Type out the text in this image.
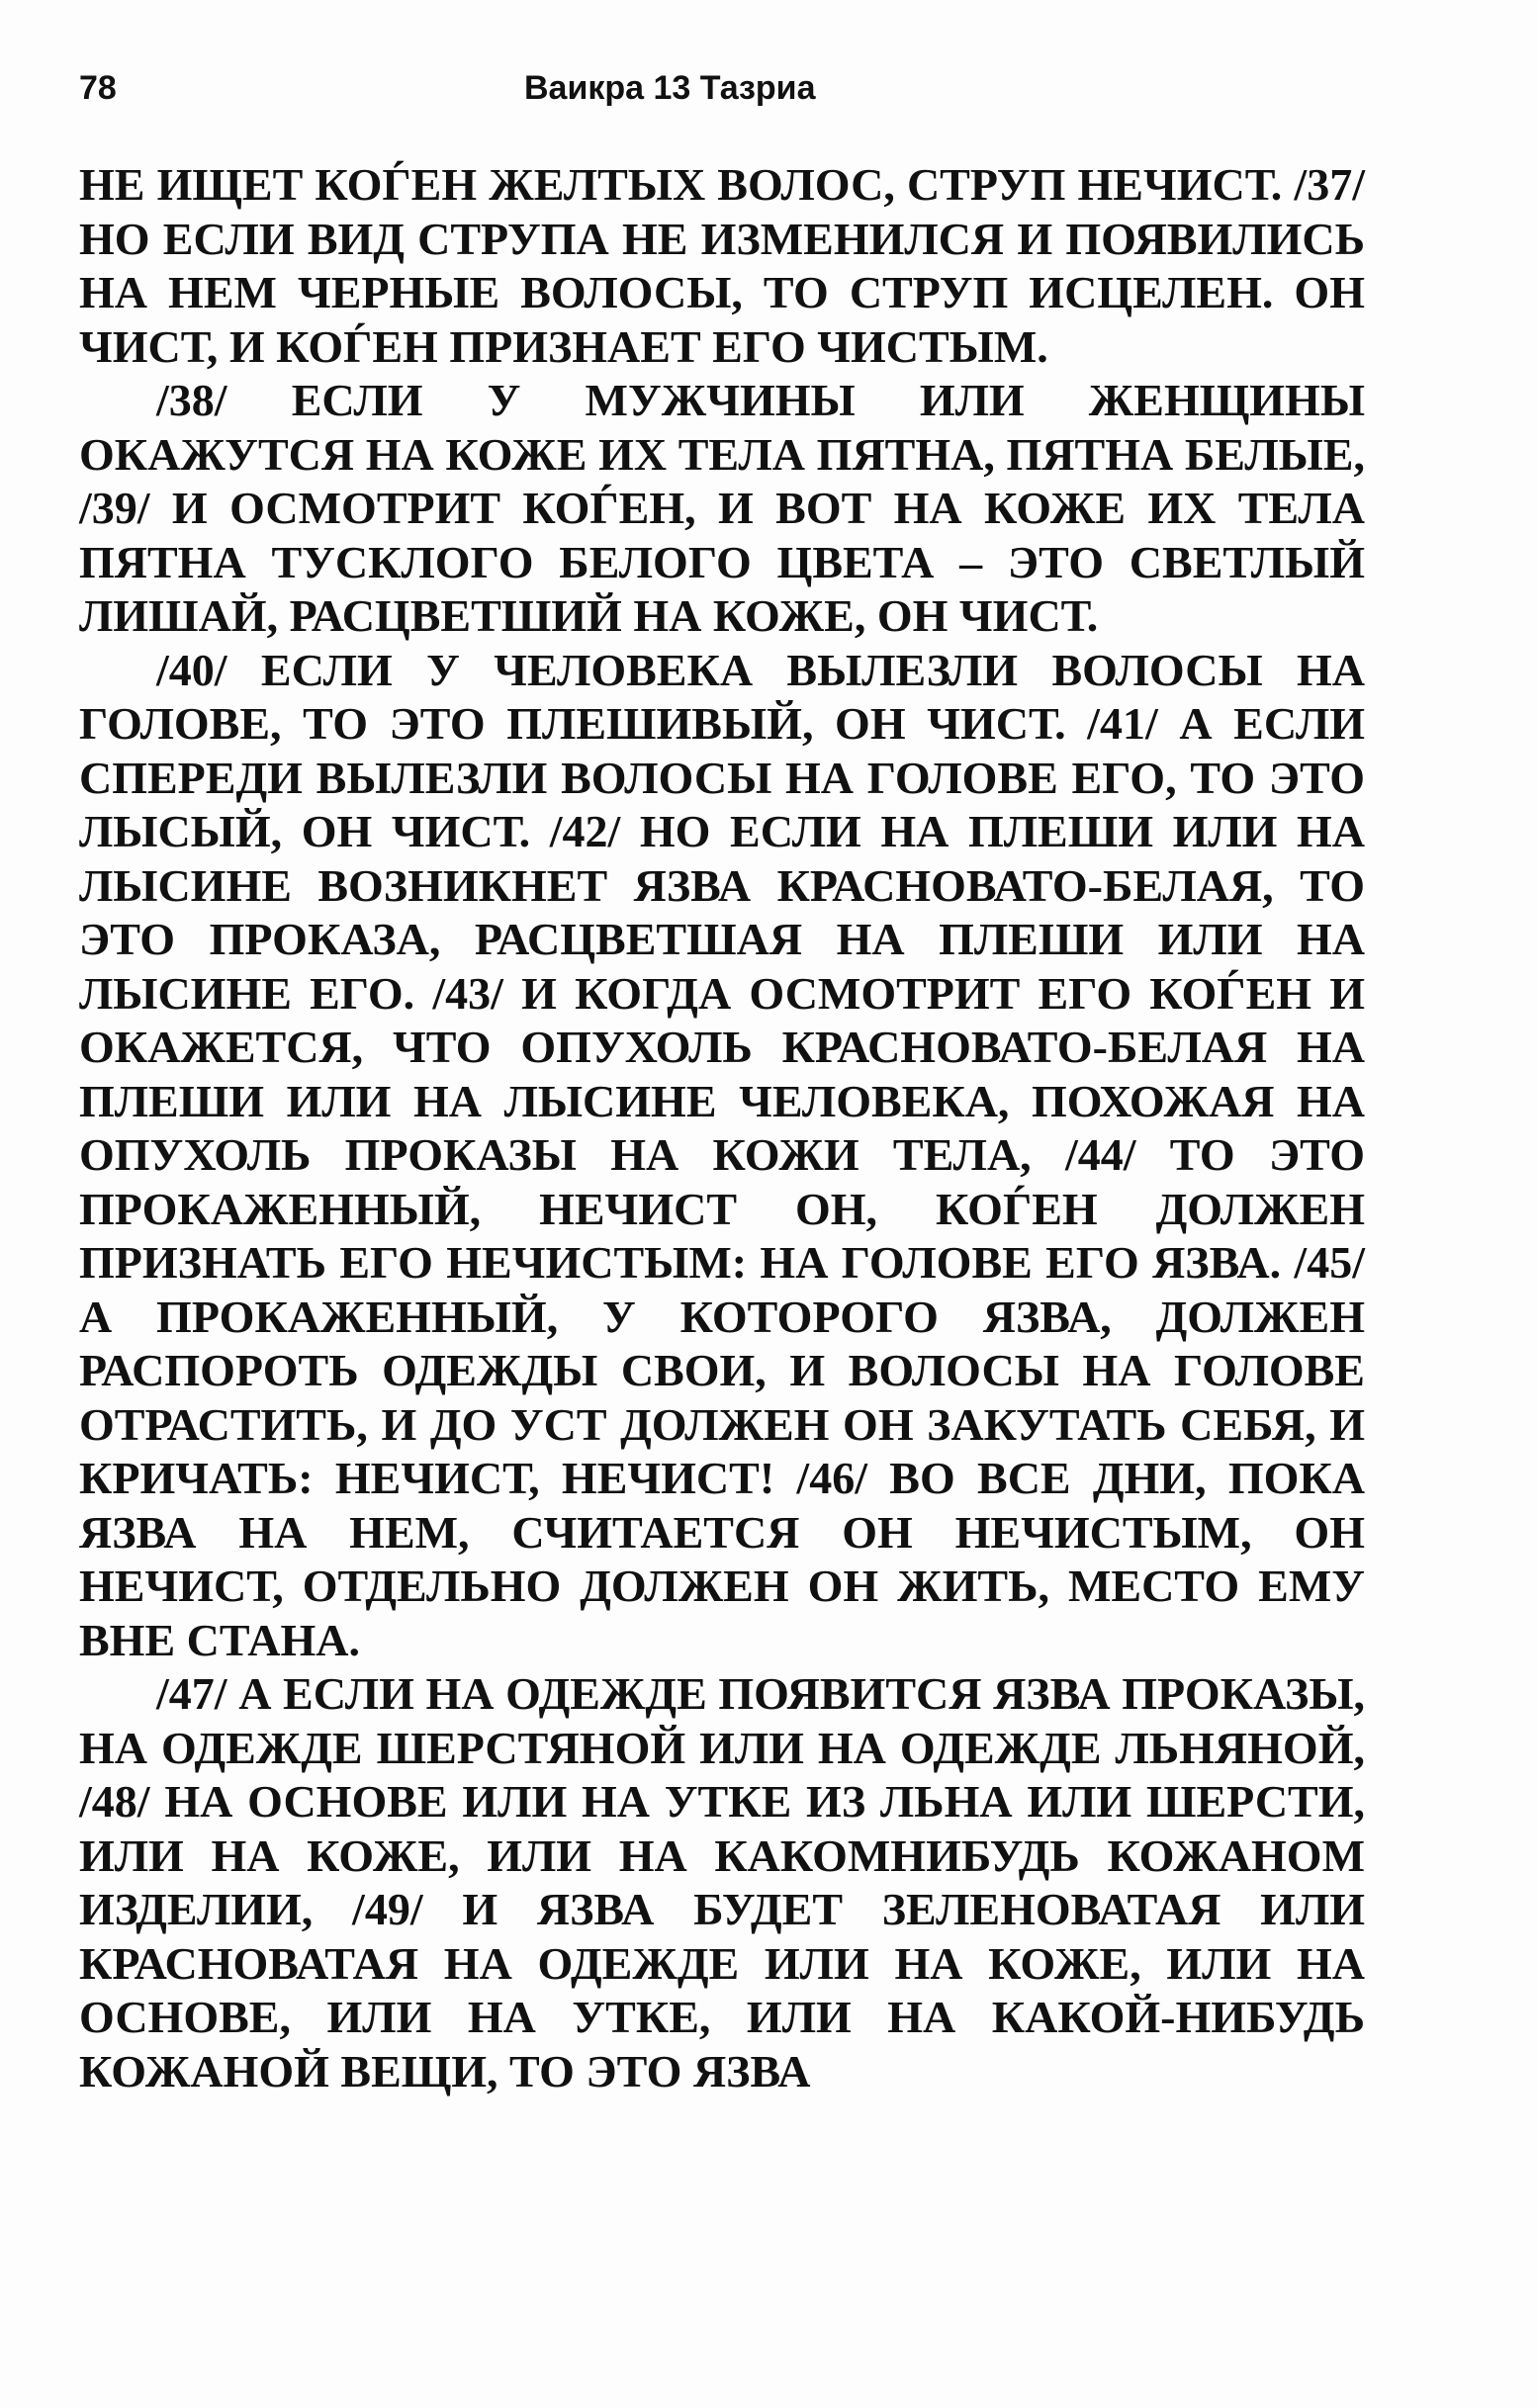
78	Ваикра 13 Тазриа

НЕ ИЩЕТ КОЃЕН ЖЕЛТЫХ ВОЛОС, СТРУП НЕЧИСТ. /37/ НО ЕСЛИ ВИД СТРУПА НЕ ИЗМЕНИЛСЯ И ПОЯВИЛИСЬ НА НЕМ ЧЕРНЫЕ ВОЛОСЫ, ТО СТРУП ИСЦЕЛЕН. ОН ЧИСТ, И КОЃЕН ПРИЗНАЕТ ЕГО ЧИСТЫМ.

/38/ ЕСЛИ У МУЖЧИНЫ ИЛИ ЖЕНЩИНЫ ОКАЖУТСЯ НА КОЖЕ ИХ ТЕЛА ПЯТНА, ПЯТНА БЕЛЫЕ, /39/ И ОСМОТРИТ КОЃЕН, И ВОТ НА КОЖЕ ИХ ТЕЛА ПЯТНА ТУСКЛОГО БЕЛОГО ЦВЕТА – ЭТО СВЕТЛЫЙ ЛИШАЙ, РАСЦВЕТШИЙ НА КОЖЕ, ОН ЧИСТ.

/40/ ЕСЛИ У ЧЕЛОВЕКА ВЫЛЕЗЛИ ВОЛОСЫ НА ГОЛОВЕ, ТО ЭТО ПЛЕШИВЫЙ, ОН ЧИСТ. /41/ А ЕСЛИ СПЕРЕДИ ВЫЛЕЗЛИ ВОЛОСЫ НА ГОЛОВЕ ЕГО, ТО ЭТО ЛЫСЫЙ, ОН ЧИСТ. /42/ НО ЕСЛИ НА ПЛЕШИ ИЛИ НА ЛЫСИНЕ ВОЗНИКНЕТ ЯЗВА КРАСНОВАТО-БЕЛАЯ, ТО ЭТО ПРОКАЗА, РАСЦВЕТШАЯ НА ПЛЕШИ ИЛИ НА ЛЫСИНЕ ЕГО. /43/ И КОГДА ОСМОТРИТ ЕГО КОЃЕН И ОКАЖЕТСЯ, ЧТО ОПУХОЛЬ КРАСНОВАТО-БЕЛАЯ НА ПЛЕШИ ИЛИ НА ЛЫСИНЕ ЧЕЛОВЕКА, ПОХОЖАЯ НА ОПУХОЛЬ ПРОКАЗЫ НА КОЖИ ТЕЛА, /44/ ТО ЭТО ПРОКАЖЕННЫЙ, НЕЧИСТ ОН, КОЃЕН ДОЛЖЕН ПРИЗНАТЬ ЕГО НЕЧИСТЫМ: НА ГОЛОВЕ ЕГО ЯЗВА. /45/ А ПРОКАЖЕННЫЙ, У КОТОРОГО ЯЗВА, ДОЛЖЕН РАСПОРОТЬ ОДЕЖДЫ СВОИ, И ВОЛОСЫ НА ГОЛОВЕ ОТРАСТИТЬ, И ДО УСТ ДОЛЖЕН ОН ЗАКУТАТЬ СЕБЯ, И КРИЧАТЬ: НЕЧИСТ, НЕЧИСТ! /46/ ВО ВСЕ ДНИ, ПОКА ЯЗВА НА НЕМ, СЧИТАЕТСЯ ОН НЕЧИСТЫМ, ОН НЕЧИСТ, ОТДЕЛЬНО ДОЛЖЕН ОН ЖИТЬ, МЕСТО ЕМУ ВНЕ СТАНА.

/47/ А ЕСЛИ НА ОДЕЖДЕ ПОЯВИТСЯ ЯЗВА ПРОКАЗЫ, НА ОДЕЖДЕ ШЕРСТЯНОЙ ИЛИ НА ОДЕЖДЕ ЛЬНЯНОЙ, /48/ НА ОСНОВЕ ИЛИ НА УТКЕ ИЗ ЛЬНА ИЛИ ШЕРСТИ, ИЛИ НА КОЖЕ, ИЛИ НА КАКОМНИБУДЬ КОЖАНОМ ИЗДЕЛИИ, /49/ И ЯЗВА БУДЕТ ЗЕЛЕНОВАТАЯ ИЛИ КРАСНОВАТАЯ НА ОДЕЖДЕ ИЛИ НА КОЖЕ, ИЛИ НА ОСНОВЕ, ИЛИ НА УТКЕ, ИЛИ НА КАКОЙ-НИБУДЬ КОЖАНОЙ ВЕЩИ, ТО ЭТО ЯЗВА
